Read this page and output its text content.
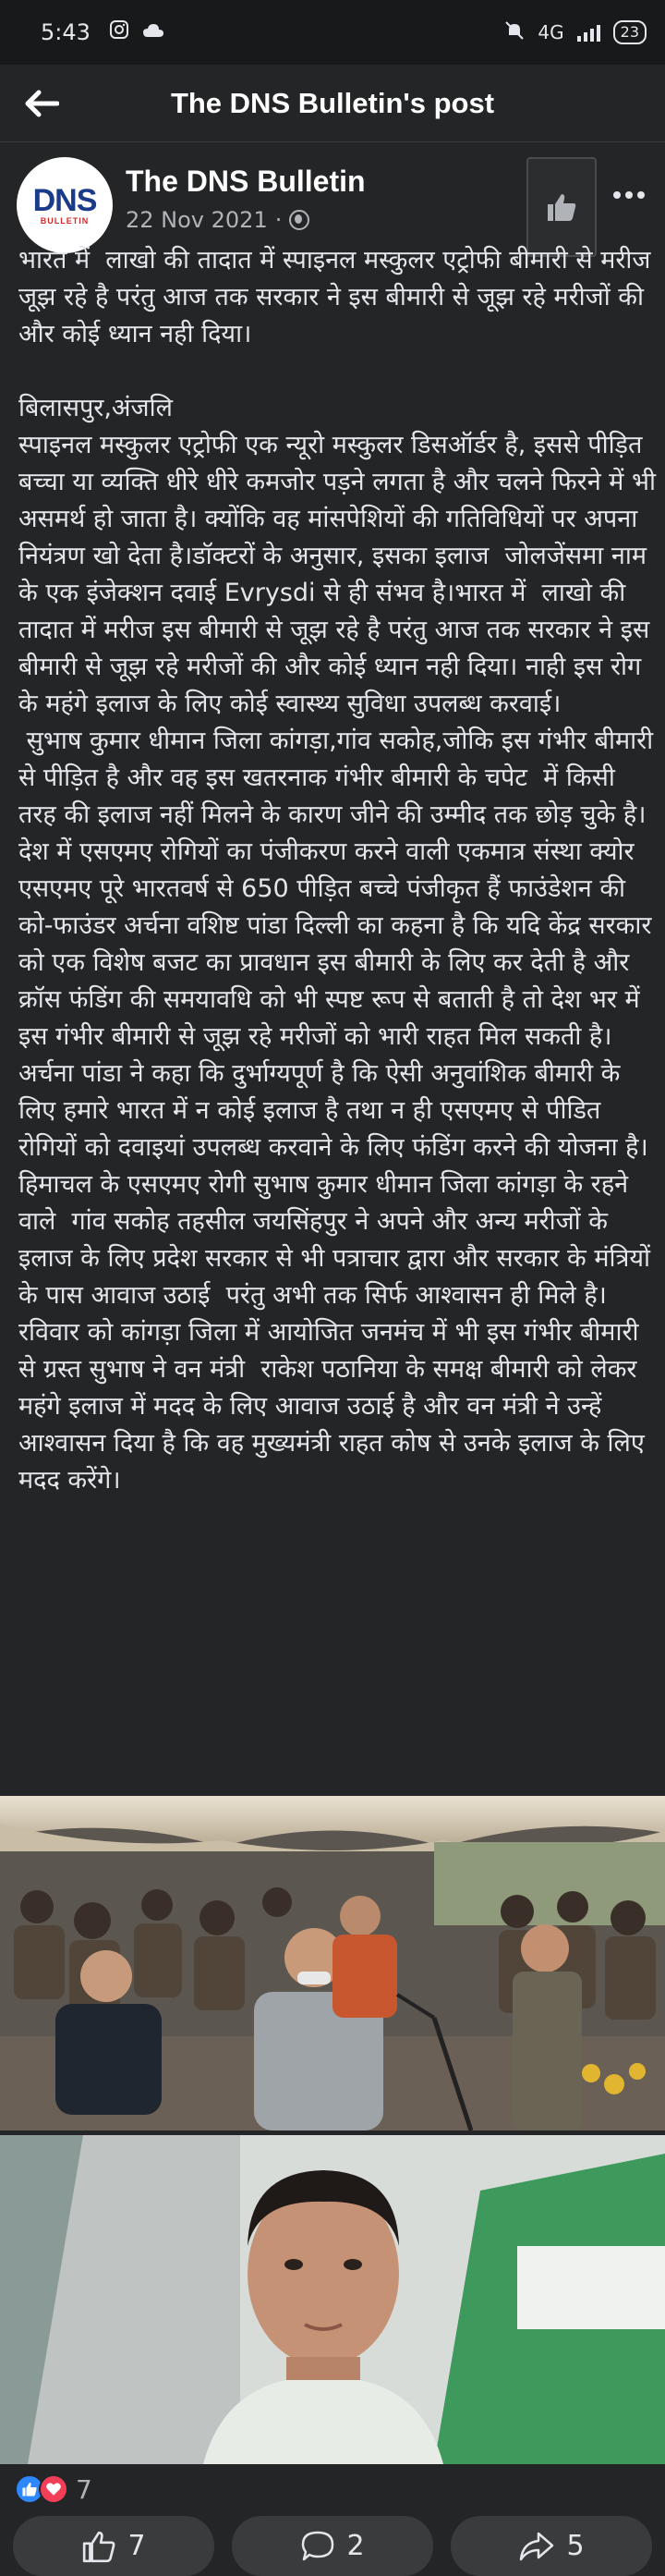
5:43	4G	23
The DNS Bulletin's post
DNS
BULLETIN
The DNS Bulletin
22 Nov 2021 ·
भारत में  लाखो की तादात में स्पाइनल मस्कुलर एट्रोफी बीमारी से मरीज जूझ रहे है परंतु आज तक सरकार ने इस बीमारी से जूझ रहे मरीजों की और कोई ध्यान नही दिया।

बिलासपुर,अंजलि
स्पाइनल मस्कुलर एट्रोफी एक न्यूरो मस्कुलर डिसऑर्डर है, इससे पीड़ित बच्चा या व्यक्ति धीरे धीरे कमजोर पड़ने लगता है और चलने फिरने में भी असमर्थ हो जाता है। क्योंकि वह मांसपेशियों की गतिविधियों पर अपना नियंत्रण खो देता है।डॉक्टरों के अनुसार, इसका इलाज  जोलजेंसमा नाम के एक इंजेक्शन दवाई Evrysdi से ही संभव है।भारत में  लाखो की तादात में मरीज इस बीमारी से जूझ रहे है परंतु आज तक सरकार ने इस बीमारी से जूझ रहे मरीजों की और कोई ध्यान नही दिया। नाही इस रोग  के महंगे इलाज के लिए कोई स्वास्थ्य सुविधा उपलब्ध करवाई।
सुभाष कुमार धीमान जिला कांगड़ा,गांव सकोह,जोकि इस गंभीर बीमारी से पीड़ित है और वह इस खतरनाक गंभीर बीमारी के चपेट  में किसी तरह की इलाज नहीं मिलने के कारण जीने की उम्मीद तक छोड़ चुके है। देश में एसएमए रोगियों का पंजीकरण करने वाली एकमात्र संस्था क्योर एसएमए पूरे भारतवर्ष से 650 पीड़ित बच्चे पंजीकृत हैं फाउंडेशन की को-फाउंडर अर्चना वशिष्ट पांडा दिल्ली का कहना है कि यदि केंद्र सरकार को एक विशेष बजट का प्रावधान इस बीमारी के लिए कर देती है और क्रॉस फंडिंग की समयावधि को भी स्पष्ट रूप से बताती है तो देश भर में इस गंभीर बीमारी से जूझ रहे मरीजों को भारी राहत मिल सकती है। अर्चना पांडा ने कहा कि दुर्भाग्यपूर्ण है कि ऐसी अनुवांशिक बीमारी के लिए हमारे भारत में न कोई इलाज है तथा न ही एसएमए से पीडित रोगियों को दवाइयां उपलब्ध करवाने के लिए फंडिंग करने की योजना है। हिमाचल के एसएमए रोगी सुभाष कुमार धीमान जिला कांगड़ा के रहने वाले  गांव सकोह तहसील जयसिंहपुर ने अपने और अन्य मरीजों के इलाज के लिए प्रदेश सरकार से भी पत्राचार द्वारा और सरकार के मंत्रियों के पास आवाज उठाई  परंतु अभी तक सिर्फ आश्वासन ही मिले है।रविवार को कांगड़ा जिला में आयोजित जनमंच में भी इस गंभीर बीमारी से ग्रस्त सुभाष ने वन मंत्री  राकेश पठानिया के समक्ष बीमारी को लेकर महंगे इलाज में मदद के लिए आवाज उठाई है और वन मंत्री ने उन्हें आश्वासन दिया है कि वह मुख्यमंत्री राहत कोष से उनके इलाज के लिए मदद करेंगे।
7
7	2	5
